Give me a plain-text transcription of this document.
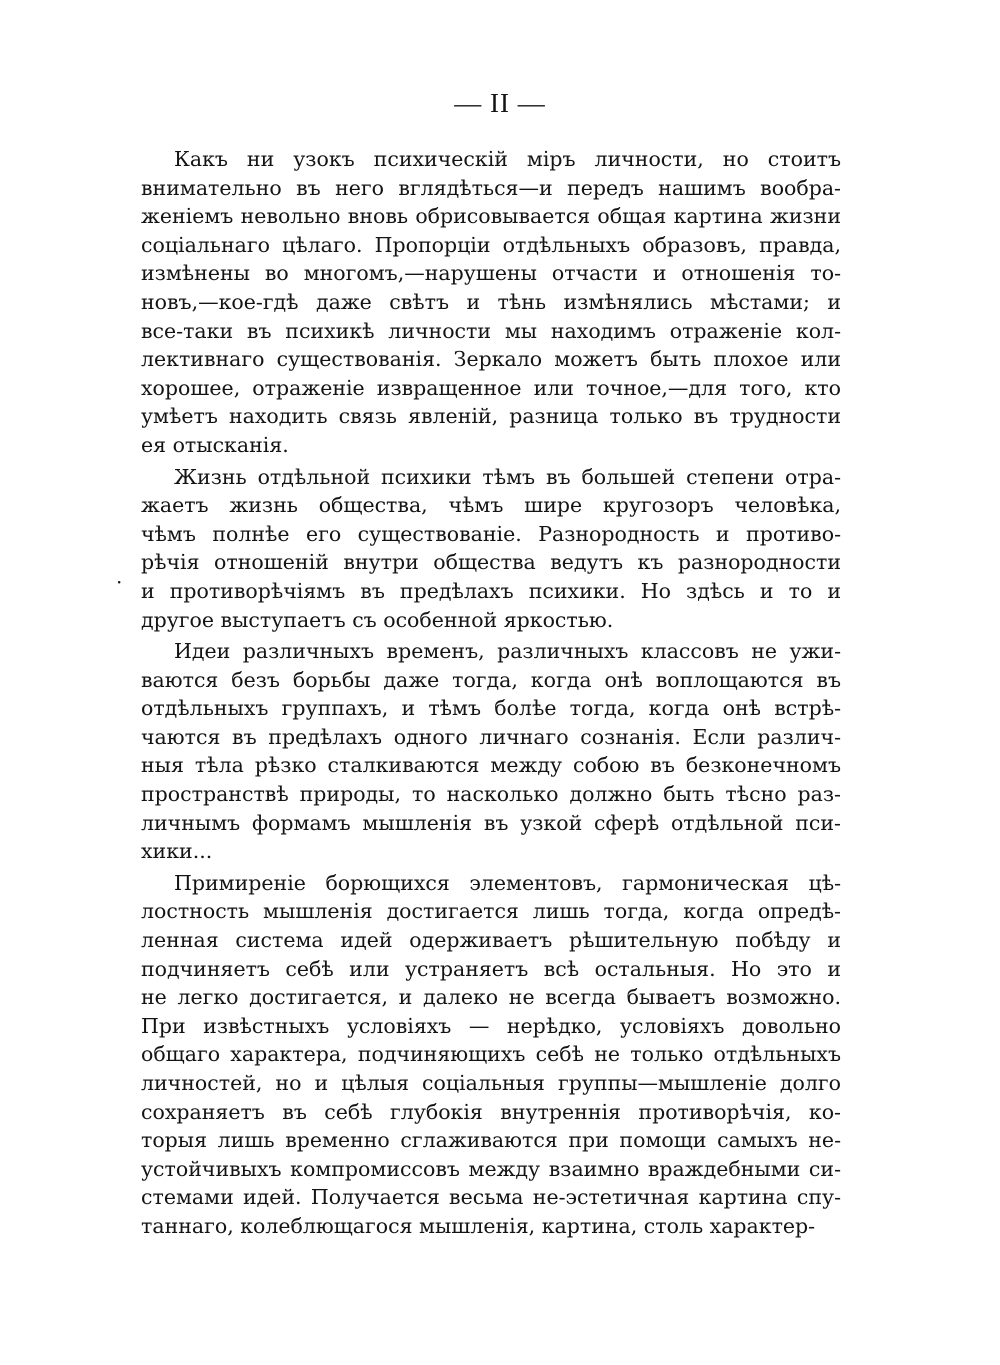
— II —
·
Какъ ни узокъ психическій міръ личности, но стоитъ
внимательно въ него вглядѣться—и передъ нашимъ вообра-
женіемъ невольно вновь обрисовывается общая картина жизни
соціальнаго цѣлаго. Пропорціи отдѣльныхъ образовъ, правда,
измѣнены во многомъ,—нарушены отчасти и отношенія то-
новъ,—кое-гдѣ даже свѣтъ и тѣнь измѣнялись мѣстами; и
все-таки въ психикѣ личности мы находимъ отраженіе кол-
лективнаго существованія. Зеркало можетъ быть плохое или
хорошее, отраженіе извращенное или точное,—для того, кто
умѣетъ находить связь явленій, разница только въ трудности
ея отысканія.
Жизнь отдѣльной психики тѣмъ въ большей степени отра-
жаетъ жизнь общества, чѣмъ шире кругозоръ человѣка,
чѣмъ полнѣе его существованіе. Разнородность и противо-
рѣчія отношеній внутри общества ведутъ къ разнородности
и противорѣчіямъ въ предѣлахъ психики. Но здѣсь и то и
другое выступаетъ съ особенной яркостью.
Идеи различныхъ временъ, различныхъ классовъ не ужи-
ваются безъ борьбы даже тогда, когда онѣ воплощаются въ
отдѣльныхъ группахъ, и тѣмъ болѣе тогда, когда онѣ встрѣ-
чаются въ предѣлахъ одного личнаго сознанія. Если различ-
ныя тѣла рѣзко сталкиваются между собою въ безконечномъ
пространствѣ природы, то насколько должно быть тѣсно раз-
личнымъ формамъ мышленія въ узкой сферѣ отдѣльной пси-
хики...
Примиреніе борющихся элементовъ, гармоническая цѣ-
лостность мышленія достигается лишь тогда, когда опредѣ-
ленная система идей одерживаетъ рѣшительную побѣду и
подчиняетъ себѣ или устраняетъ всѣ остальныя. Но это и
не легко достигается, и далеко не всегда бываетъ возможно.
При извѣстныхъ условіяхъ — нерѣдко, условіяхъ довольно
общаго характера, подчиняющихъ себѣ не только отдѣльныхъ
личностей, но и цѣлыя соціальныя группы—мышленіе долго
сохраняетъ въ себѣ глубокія внутреннія противорѣчія, ко-
торыя лишь временно сглаживаются при помощи самыхъ не-
устойчивыхъ компромиссовъ между взаимно враждебными си-
стемами идей. Получается весьма не-эстетичная картина спу-
таннаго, колеблющагося мышленія, картина, столь характер-
